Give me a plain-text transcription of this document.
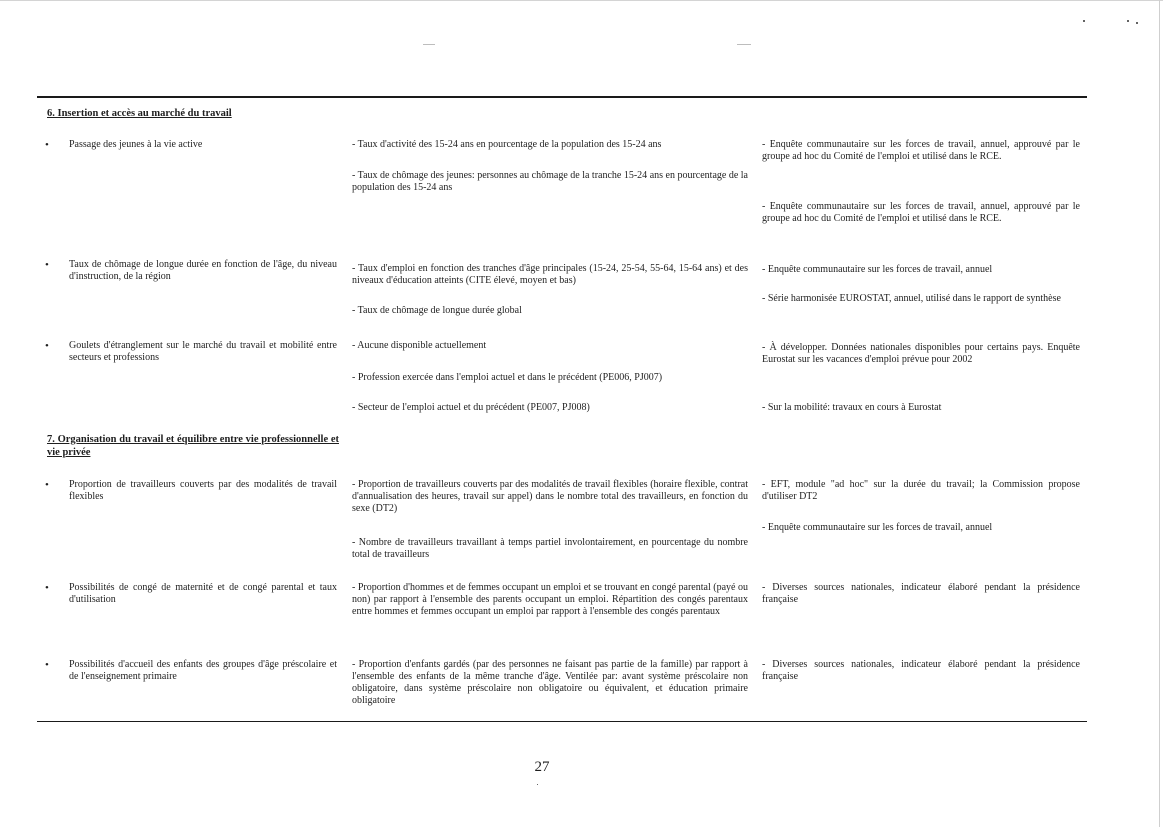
6. Insertion et accès au marché du travail
• Passage des jeunes à la vie active	- Taux d'activité des 15-24 ans en pourcentage de la population des 15-24 ans
- Taux de chômage des jeunes: personnes au chômage de la tranche 15-24 ans en pourcentage de la population des 15-24 ans
- Enquête communautaire sur les forces de travail, annuel, approuvé par le groupe ad hoc du Comité de l'emploi et utilisé dans le RCE.
- Enquête communautaire sur les forces de travail, annuel, approuvé par le groupe ad hoc du Comité de l'emploi et utilisé dans le RCE.
• Taux de chômage de longue durée en fonction de l'âge, du niveau d'instruction, de la région
- Taux d'emploi en fonction des tranches d'âge principales (15-24, 25-54, 55-64, 15-64 ans) et des niveaux d'éducation atteints (CITE élevé, moyen et bas)
- Taux de chômage de longue durée global
- Enquête communautaire sur les forces de travail, annuel
- Série harmonisée EUROSTAT, annuel, utilisé dans le rapport de synthèse
• Goulets d'étranglement sur le marché du travail et mobilité entre secteurs et professions
- Aucune disponible actuellement
- Profession exercée dans l'emploi actuel et dans le précédent (PE006, PJ007)
- Secteur de l'emploi actuel et du précédent (PE007, PJ008)
- À développer. Données nationales disponibles pour certains pays. Enquête Eurostat sur les vacances d'emploi prévue pour 2002
- Sur la mobilité: travaux en cours à Eurostat
7. Organisation du travail et équilibre entre vie professionnelle et vie privée
• Proportion de travailleurs couverts par des modalités de travail flexibles
- Proportion de travailleurs couverts par des modalités de travail flexibles (horaire flexible, contrat d'annualisation des heures, travail sur appel) dans le nombre total des travailleurs, en fonction du sexe (DT2)
- Nombre de travailleurs travaillant à temps partiel involontairement, en pourcentage du nombre total de travailleurs
- EFT, module "ad hoc" sur la durée du travail; la Commission propose d'utiliser DT2
- Enquête communautaire sur les forces de travail, annuel
• Possibilités de congé de maternité et de congé parental et taux d'utilisation
- Proportion d'hommes et de femmes occupant un emploi et se trouvant en congé parental (payé ou non) par rapport à l'ensemble des parents occupant un emploi. Répartition des congés parentaux entre hommes et femmes occupant un emploi par rapport à l'ensemble des congés parentaux
- Diverses sources nationales, indicateur élaboré pendant la présidence française
• Possibilités d'accueil des enfants des groupes d'âge préscolaire et de l'enseignement primaire
- Proportion d'enfants gardés (par des personnes ne faisant pas partie de la famille) par rapport à l'ensemble des enfants de la même tranche d'âge. Ventilée par: avant système préscolaire non obligatoire, dans système préscolaire non obligatoire ou équivalent, et éducation primaire obligatoire
- Diverses sources nationales, indicateur élaboré pendant la présidence française
27
